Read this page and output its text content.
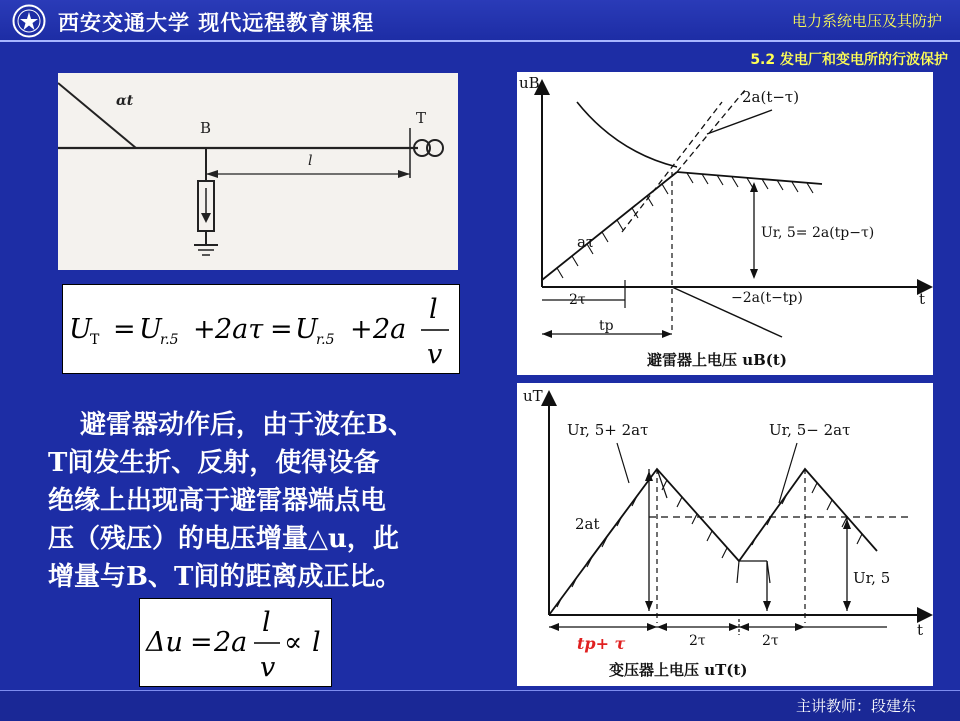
西安交通大学 现代远程教育课程	电力系统电压及其防护
5.2 发电厂和变电所的行波保护
αt
B
l
T
U
T = U
r.5 + 2aτ = U
r.5 + 2a
l
v

避雷器动作后，由于波在B、

T间发生折、反射，使得设备

绝缘上出现高于避雷器端点电

压（残压）的电压增量△u，此

增量与B、T间的距离成正比。

Δu = 2a
l
v
∝ l
uB
t
2a(t−τ)
aτ	Ur, 5= 2a(tp−τ)
−2a(t−tp)
2τ
tp
避雷器上电压 uB(t)
uT
t
Ur, 5+ 2aτ	Ur, 5− 2aτ
2at
Ur, 5
tp+ τ	2τ	2τ
变压器上电压 uT(t)
主讲教师：段建东
